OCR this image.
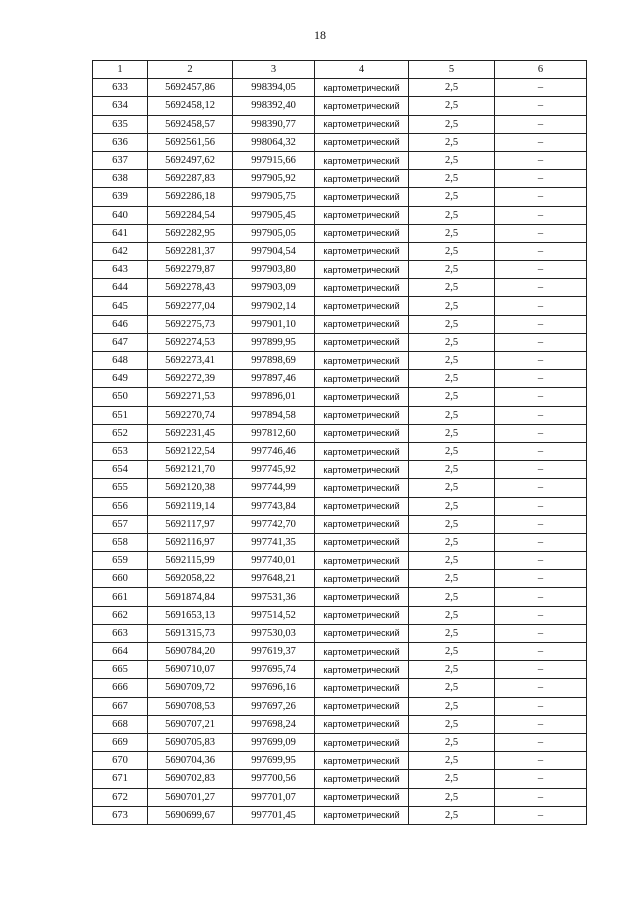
18
1	2	3	4	5	6
633	5692457,86	998394,05	картометрический	2,5	–
634	5692458,12	998392,40	картометрический	2,5	–
635	5692458,57	998390,77	картометрический	2,5	–
636	5692561,56	998064,32	картометрический	2,5	–
637	5692497,62	997915,66	картометрический	2,5	–
638	5692287,83	997905,92	картометрический	2,5	–
639	5692286,18	997905,75	картометрический	2,5	–
640	5692284,54	997905,45	картометрический	2,5	–
641	5692282,95	997905,05	картометрический	2,5	–
642	5692281,37	997904,54	картометрический	2,5	–
643	5692279,87	997903,80	картометрический	2,5	–
644	5692278,43	997903,09	картометрический	2,5	–
645	5692277,04	997902,14	картометрический	2,5	–
646	5692275,73	997901,10	картометрический	2,5	–
647	5692274,53	997899,95	картометрический	2,5	–
648	5692273,41	997898,69	картометрический	2,5	–
649	5692272,39	997897,46	картометрический	2,5	–
650	5692271,53	997896,01	картометрический	2,5	–
651	5692270,74	997894,58	картометрический	2,5	–
652	5692231,45	997812,60	картометрический	2,5	–
653	5692122,54	997746,46	картометрический	2,5	–
654	5692121,70	997745,92	картометрический	2,5	–
655	5692120,38	997744,99	картометрический	2,5	–
656	5692119,14	997743,84	картометрический	2,5	–
657	5692117,97	997742,70	картометрический	2,5	–
658	5692116,97	997741,35	картометрический	2,5	–
659	5692115,99	997740,01	картометрический	2,5	–
660	5692058,22	997648,21	картометрический	2,5	–
661	5691874,84	997531,36	картометрический	2,5	–
662	5691653,13	997514,52	картометрический	2,5	–
663	5691315,73	997530,03	картометрический	2,5	–
664	5690784,20	997619,37	картометрический	2,5	–
665	5690710,07	997695,74	картометрический	2,5	–
666	5690709,72	997696,16	картометрический	2,5	–
667	5690708,53	997697,26	картометрический	2,5	–
668	5690707,21	997698,24	картометрический	2,5	–
669	5690705,83	997699,09	картометрический	2,5	–
670	5690704,36	997699,95	картометрический	2,5	–
671	5690702,83	997700,56	картометрический	2,5	–
672	5690701,27	997701,07	картометрический	2,5	–
673	5690699,67	997701,45	картометрический	2,5	–
